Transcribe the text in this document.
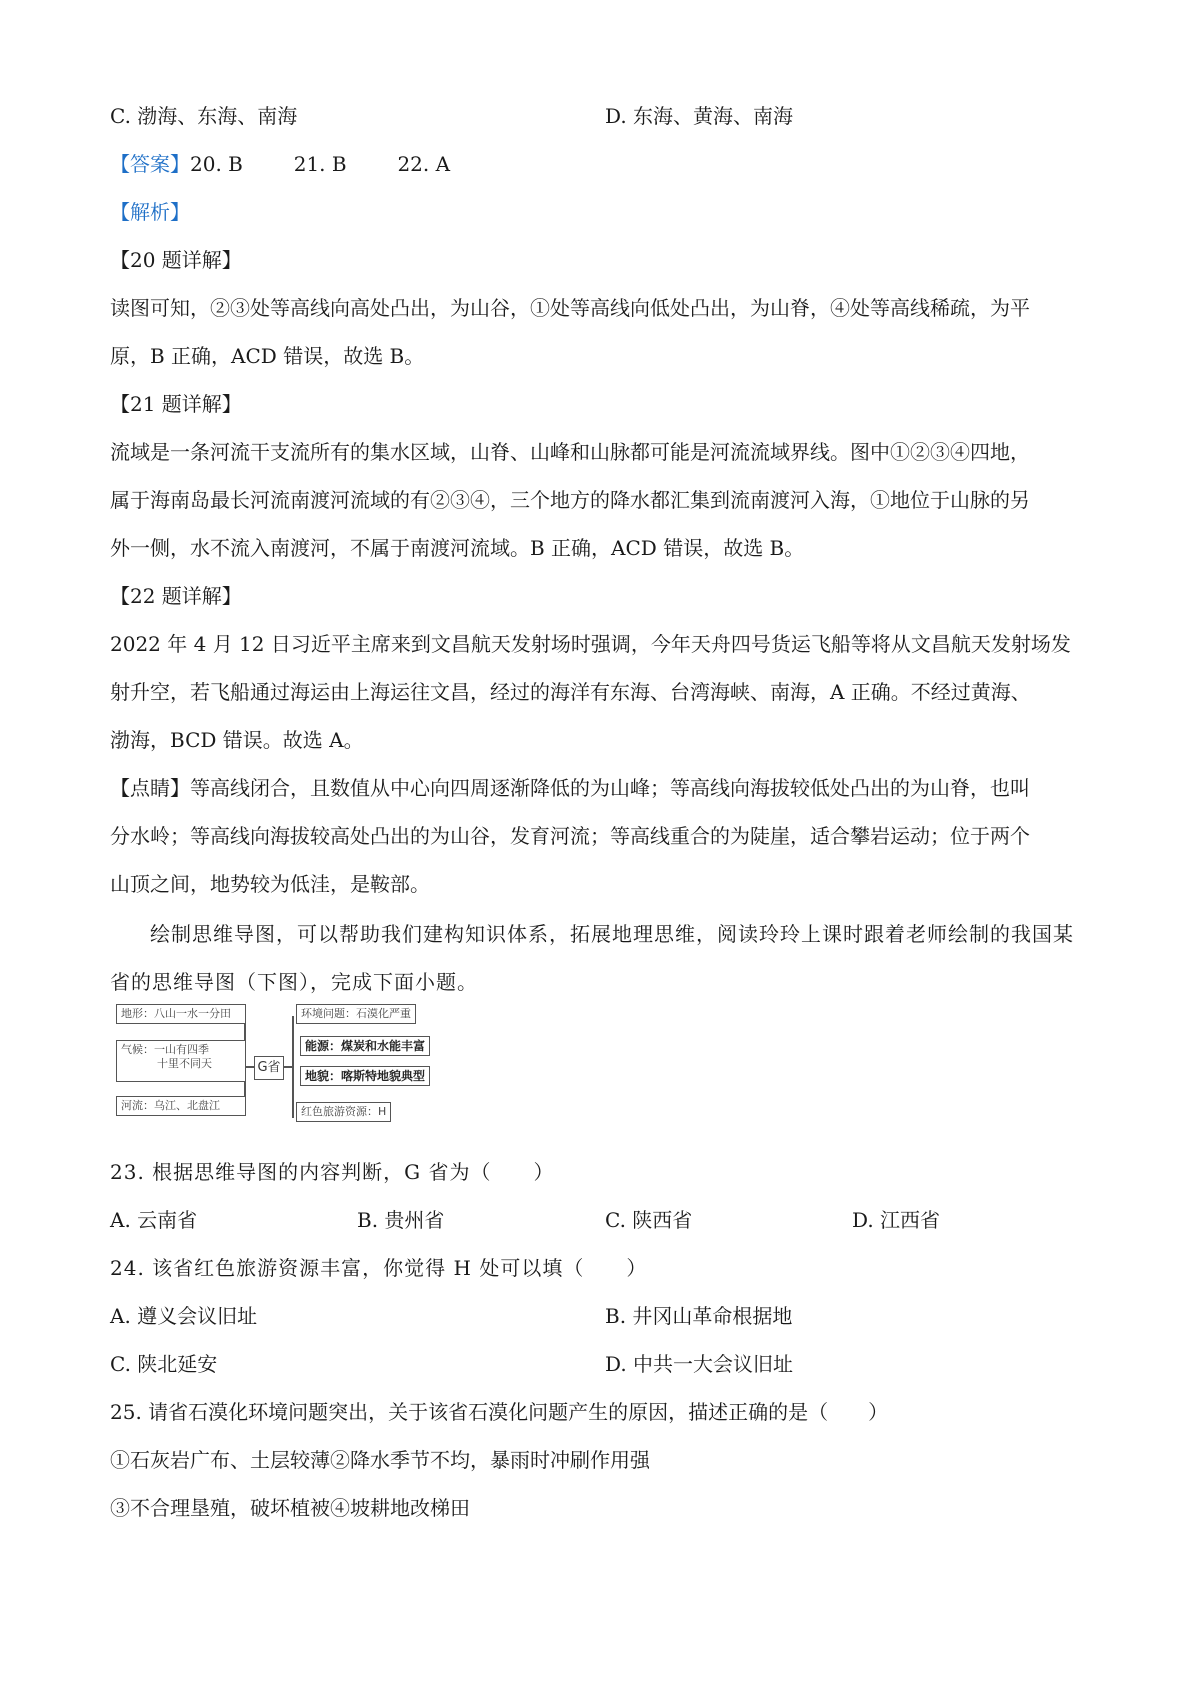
C. 渤海、东海、南海	D. 东海、黄海、南海
【答案】20. B        21. B        22. A
【解析】
【20 题详解】
读图可知，②③处等高线向高处凸出，为山谷，①处等高线向低处凸出，为山脊，④处等高线稀疏，为平
原，B 正确，ACD 错误，故选 B。
【21 题详解】
流域是一条河流干支流所有的集水区域，山脊、山峰和山脉都可能是河流流域界线。图中①②③④四地，
属于海南岛最长河流南渡河流域的有②③④，三个地方的降水都汇集到流南渡河入海，①地位于山脉的另
外一侧，水不流入南渡河，不属于南渡河流域。B 正确，ACD 错误，故选 B。
【22 题详解】
2022 年 4 月 12 日习近平主席来到文昌航天发射场时强调，今年天舟四号货运飞船等将从文昌航天发射场发
射升空，若飞船通过海运由上海运往文昌，经过的海洋有东海、台湾海峡、南海，A 正确。不经过黄海、
渤海，BCD 错误。故选 A。
【点睛】等高线闭合，且数值从中心向四周逐渐降低的为山峰；等高线向海拔较低处凸出的为山脊，也叫
分水岭；等高线向海拔较高处凸出的为山谷，发育河流；等高线重合的为陡崖，适合攀岩运动；位于两个
山顶之间，地势较为低洼，是鞍部。
绘制思维导图，可以帮助我们建构知识体系，拓展地理思维，阅读玲玲上课时跟着老师绘制的我国某
省的思维导图（下图），完成下面小题。
地形：八山一水一分田
气候：一山有四季
十里不同天
河流：乌江、北盘江
G省
环境问题：石漠化严重
能源：煤炭和水能丰富
地貌：喀斯特地貌典型
红色旅游资源：H
23. 根据思维导图的内容判断，G 省为（　　）
A. 云南省	B. 贵州省	C. 陕西省	D. 江西省
24. 该省红色旅游资源丰富，你觉得 H 处可以填（　　）
A. 遵义会议旧址	B. 井冈山革命根据地
C. 陕北延安	D. 中共一大会议旧址
25. 请省石漠化环境问题突出，关于该省石漠化问题产生的原因，描述正确的是（　　）
①石灰岩广布、土层较薄②降水季节不均，暴雨时冲刷作用强
③不合理垦殖，破坏植被④坡耕地改梯田
